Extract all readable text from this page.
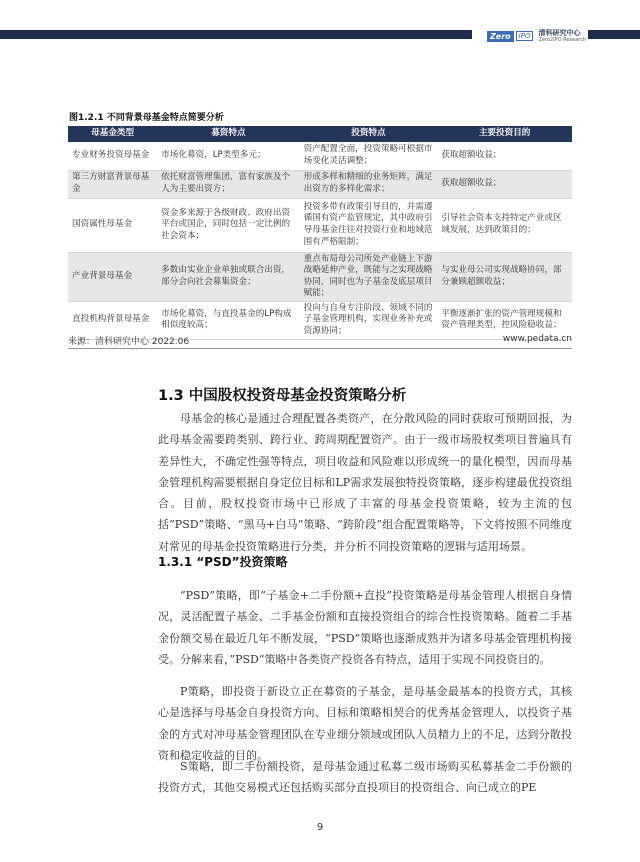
Zero	IPO	清科研究中心
Zero2IPO Research
图1.2.1 不同背景母基金特点简要分析
母基金类型	募资特点	投资特点	主要投资目的
专业财务投资母基金	市场化募资，LP类型多元；	资产配置全面，投资策略可根据市场变化灵活调整；	获取超额收益；
第三方财富背景母基金	依托财富管理集团，富有家族及个人为主要出资方；	形成多样和精细的业务矩阵，满足出资方的多样化需求；	获取超额收益；
国资属性母基金	资金多来源于各级财政、政府出资平台或国企，同时包括一定比例的社会资本；	投资多带有政策引导目的，并需遵循国有资产监管规定，其中政府引导母基金往往对投资行业和地域范围有严格限制；	引导社会资本支持特定产业或区域发展，达到政策目的；
产业背景母基金	多数由实业企业单独或联合出资，部分会向社会募集资金；	重点布局母公司所处产业链上下游战略延伸产业，既能与之实现战略协同，同时也为子基金及底层项目赋能；	与实业母公司实现战略协同，部分兼顾超额收益；
直投机构背景母基金	市场化募资，与直投基金的LP构成相似度较高；	投向与自身专注阶段、领域不同的子基金管理机构，实现业务补充或资源协同；	平衡逐渐扩张的资产管理规模和资产管理类型，控风险稳收益；
来源：清科研究中心 2022.06	www.pedata.cn
1.3 中国股权投资母基金投资策略分析

母基金的核心是通过合理配置各类资产，在分散风险的同时获取可预期回报，为此母基金需要跨类别、跨行业、跨周期配置资产。由于一级市场股权类项目普遍具有差异性大，不确定性强等特点，项目收益和风险难以形成统一的量化模型，因而母基金管理机构需要根据自身定位目标和LP需求发展独特投资策略，逐步构建最优投资组合。目前，股权投资市场中已形成了丰富的母基金投资策略，较为主流的包括“PSD”策略、“黑马+白马”策略、“跨阶段”组合配置策略等，下文将按照不同维度对常见的母基金投资策略进行分类，并分析不同投资策略的逻辑与适用场景。

1.3.1 “PSD”投资策略

“PSD”策略，即“子基金+二手份额+直投”投资策略是母基金管理人根据自身情况，灵活配置子基金、二手基金份额和直接投资组合的综合性投资策略。随着二手基金份额交易在最近几年不断发展，“PSD”策略也逐渐成熟并为诸多母基金管理机构接受。分解来看，”PSD“策略中各类资产投资各有特点，适用于实现不同投资目的。

P策略，即投资于新设立正在募资的子基金，是母基金最基本的投资方式，其核心是选择与母基金自身投资方向、目标和策略相契合的优秀基金管理人，以投资子基金的方式对冲母基金管理团队在专业细分领域或团队人员精力上的不足，达到分散投资和稳定收益的目的。

S策略，即二手份额投资，是母基金通过私募二级市场购买私募基金二手份额的投资方式，其他交易模式还包括购买部分直投项目的投资组合、向已成立的PE

9
